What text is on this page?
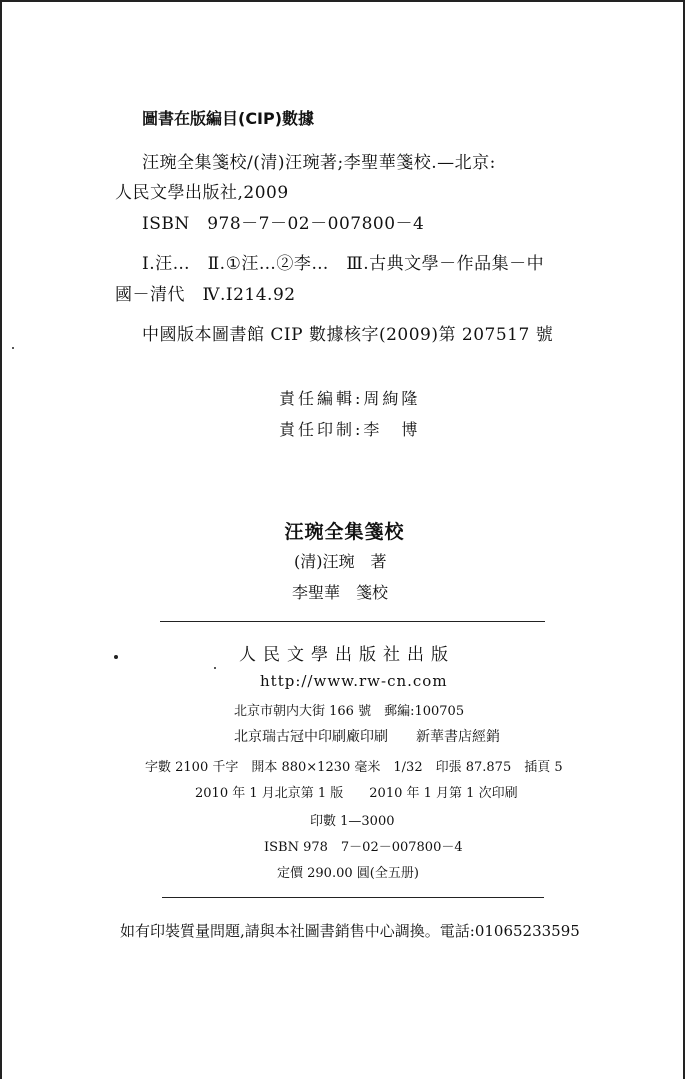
圖書在版編目(CIP)數據
汪琬全集箋校/(清)汪琬著;李聖華箋校.—北京:
人民文學出版社,2009
ISBN　978－7－02－007800－4
Ⅰ.汪…　Ⅱ.①汪…②李…　Ⅲ.古典文學－作品集－中
國－清代　Ⅳ.I214.92
中國版本圖書館 CIP 數據核字(2009)第 207517 號
責任編輯:周絢隆
責任印制:李　博
汪琬全集箋校
(清)汪琬　著
李聖華　箋校
人民文學出版社出版
http://www.rw-cn.com
北京市朝内大街 166 號　郵編:100705
北京瑞古冠中印刷廠印刷　　新華書店經銷
字數 2100 千字　開本 880×1230 毫米　1/32　印張 87.875　插頁 5
2010 年 1 月北京第 1 版　　2010 年 1 月第 1 次印刷
印數 1—3000
ISBN 978　7－02－007800－4
定價 290.00 圓(全五册)
如有印裝質量問題,請與本社圖書銷售中心調換。電話:01065233595
